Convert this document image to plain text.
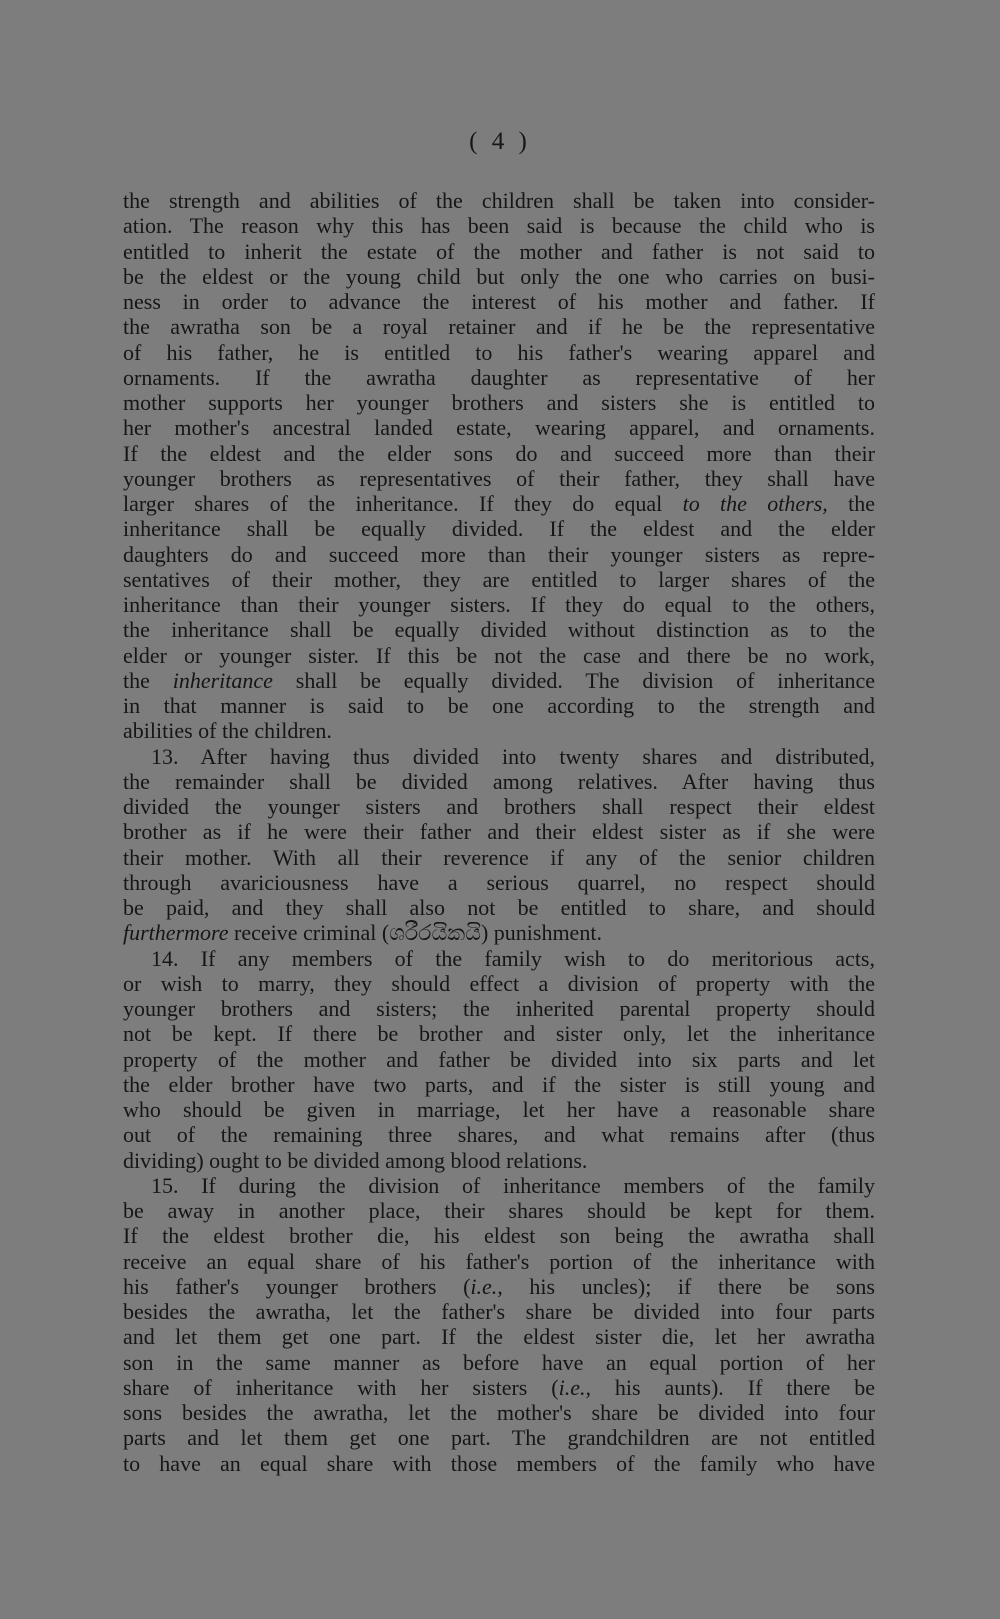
( 4 )
the strength and abilities of the children shall be taken into consider-
ation. The reason why this has been said is because the child who is
entitled to inherit the estate of the mother and father is not said to
be the eldest or the young child but only the one who carries on busi-
ness in order to advance the interest of his mother and father. If
the awratha son be a royal retainer and if he be the representative
of his father, he is entitled to his father's wearing apparel and
ornaments. If the awratha daughter as representative of her
mother supports her younger brothers and sisters she is entitled to
her mother's ancestral landed estate, wearing apparel, and ornaments.
If the eldest and the elder sons do and succeed more than their
younger brothers as representatives of their father, they shall have
larger shares of the inheritance. If they do equal to the others, the
inheritance shall be equally divided. If the eldest and the elder
daughters do and succeed more than their younger sisters as repre-
sentatives of their mother, they are entitled to larger shares of the
inheritance than their younger sisters. If they do equal to the others,
the inheritance shall be equally divided without distinction as to the
elder or younger sister. If this be not the case and there be no work,
the inheritance shall be equally divided. The division of inheritance
in that manner is said to be one according to the strength and
abilities of the children.
13. After having thus divided into twenty shares and distributed,
the remainder shall be divided among relatives. After having thus
divided the younger sisters and brothers shall respect their eldest
brother as if he were their father and their eldest sister as if she were
their mother. With all their reverence if any of the senior children
through avariciousness have a serious quarrel, no respect should
be paid, and they shall also not be entitled to share, and should
furthermore receive criminal (ශරීරයිකයි) punishment.
14. If any members of the family wish to do meritorious acts,
or wish to marry, they should effect a division of property with the
younger brothers and sisters; the inherited parental property should
not be kept. If there be brother and sister only, let the inheritance
property of the mother and father be divided into six parts and let
the elder brother have two parts, and if the sister is still young and
who should be given in marriage, let her have a reasonable share
out of the remaining three shares, and what remains after (thus
dividing) ought to be divided among blood relations.
15. If during the division of inheritance members of the family
be away in another place, their shares should be kept for them.
If the eldest brother die, his eldest son being the awratha shall
receive an equal share of his father's portion of the inheritance with
his father's younger brothers (i.e., his uncles); if there be sons
besides the awratha, let the father's share be divided into four parts
and let them get one part. If the eldest sister die, let her awratha
son in the same manner as before have an equal portion of her
share of inheritance with her sisters (i.e., his aunts). If there be
sons besides the awratha, let the mother's share be divided into four
parts and let them get one part. The grandchildren are not entitled
to have an equal share with those members of the family who have
